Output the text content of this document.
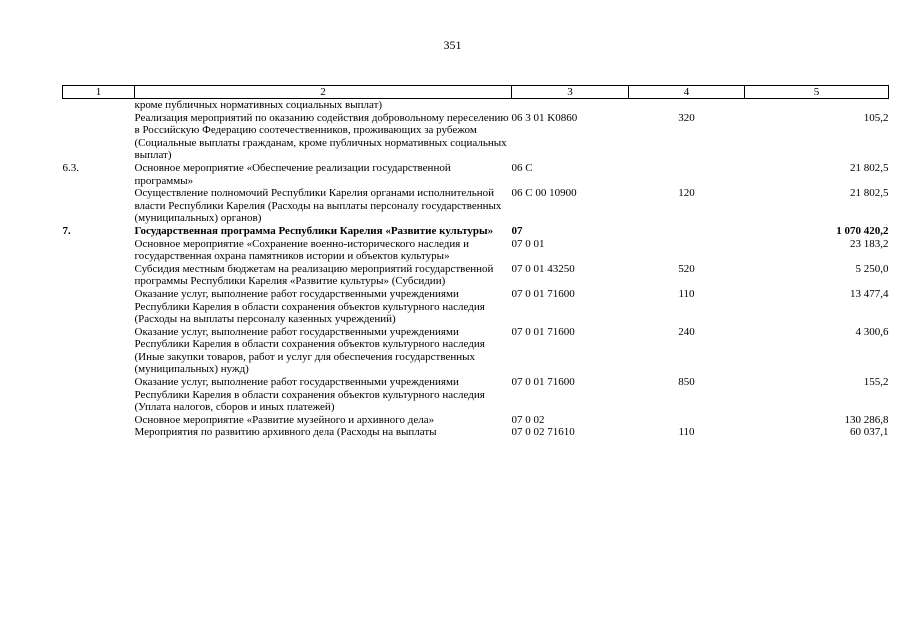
351
1	2	3	4	5
	кроме публичных нормативных социальных выплат)			
	Реализация мероприятий по оказанию содействия добровольному переселению в Российскую Федерацию соотечественников, проживающих за рубежом (Социальные выплаты гражданам, кроме публичных нормативных социальных выплат)	06 3 01 K0860	320	105,2
6.3.	Основное мероприятие «Обеспечение реализации государственной программы»	06 С		21 802,5
	Осуществление полномочий Республики Карелия органами исполнительной власти Республики Карелия (Расходы на выплаты персоналу государственных (муниципальных) органов)	06 С 00 10900	120	21 802,5
7.	Государственная программа Республики Карелия «Развитие культуры»	07		1 070 420,2
	Основное мероприятие «Сохранение военно-исторического наследия и государственная охрана памятников истории и объектов культуры»	07 0 01		23 183,2
	Субсидия местным бюджетам на реализацию мероприятий государственной программы Республики Карелия «Развитие культуры» (Субсидии)	07 0 01 43250	520	5 250,0
	Оказание услуг, выполнение работ государственными учреждениями Республики Карелия в области сохранения объектов культурного наследия (Расходы на выплаты персоналу казенных учреждений)	07 0 01 71600	110	13 477,4
	Оказание услуг, выполнение работ государственными учреждениями Республики Карелия в области сохранения объектов культурного наследия (Иные закупки товаров, работ и услуг для обеспечения государственных (муниципальных) нужд)	07 0 01 71600	240	4 300,6
	Оказание услуг, выполнение работ государственными учреждениями Республики Карелия в области сохранения объектов культурного наследия (Уплата налогов, сборов и иных платежей)	07 0 01 71600	850	155,2
	Основное мероприятие «Развитие музейного и архивного дела»	07 0 02		130 286,8
	Мероприятия по развитию архивного дела (Расходы на выплаты	07 0 02 71610	110	60 037,1
